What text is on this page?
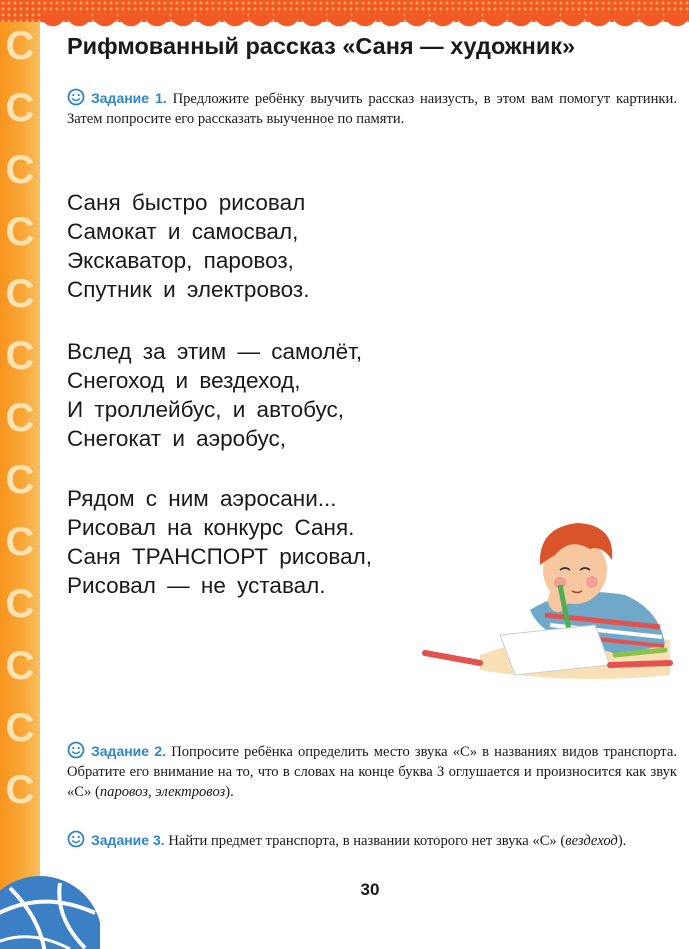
С
С
С
С
С
С
С
С
С
С
С
С
С
Рифмованный рассказ «Саня — художник»
Задание 1. Предложите ребёнку выучить рассказ наизусть, в этом вам помогут картинки. Затем попросите его рассказать выученное по памяти.
Саня быстро рисовал
Самокат и самосвал,
Экскаватор, паровоз,
Спутник и электровоз.
Вслед за этим — самолёт,
Снегоход и вездеход,
И троллейбус, и автобус,
Снегокат и аэробус,
Рядом с ним аэросани...
Рисовал на конкурс Саня.
Саня ТРАНСПОРТ рисовал,
Рисовал — не уставал.
Задание 2. Попросите ребёнка определить место звука «С» в названиях видов транспорта. Обратите его внимание на то, что в словах на конце буква З оглушается и произносится как звук «С» (паровоз, электровоз).
Задание 3. Найти предмет транспорта, в названии которого нет звука «С» (вездеход).
30
